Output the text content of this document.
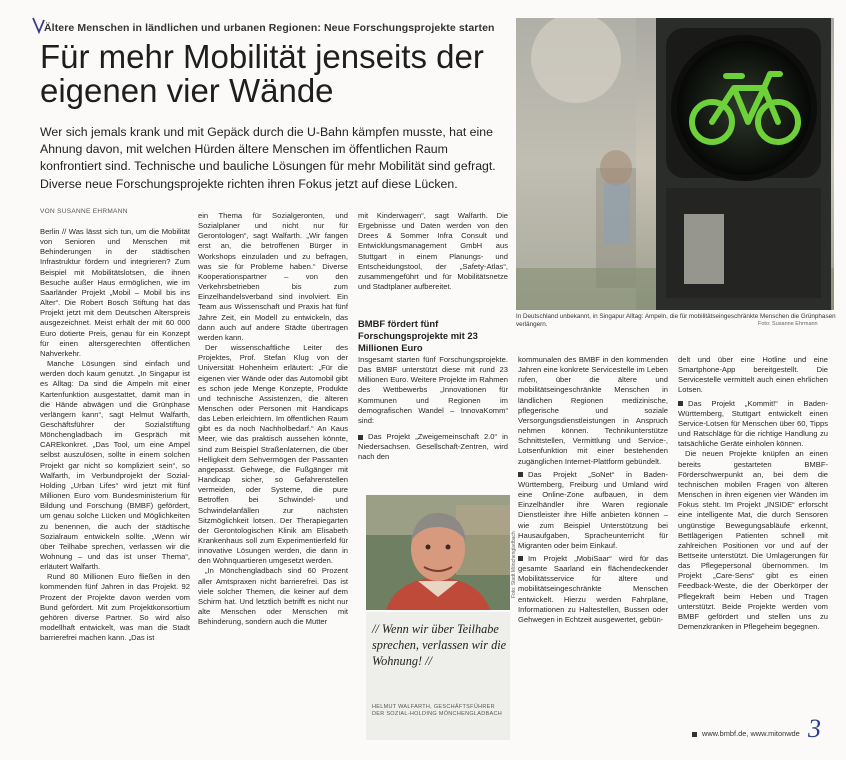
Ältere Menschen in ländlichen und urbanen Regionen: Neue Forschungsprojekte starten
Für mehr Mobilität jenseits der eigenen vier Wände
Wer sich jemals krank und mit Gepäck durch die U-Bahn kämpfen musste, hat eine Ahnung davon, mit welchen Hürden ältere Menschen im öffentlichen Raum konfrontiert sind. Technische und bauliche Lösungen für mehr Mobilität sind gefragt. Diverse neue Forschungsprojekte richten ihren Fokus jetzt auf diese Lücken.
VON SUSANNE EHRMANN

Berlin // Was lässt sich tun, um die Mobilität von Senioren und Menschen mit Behinderungen in der städtischen Infrastruktur fördern und integrieren? Zum Beispiel mit Mobilitätslotsen, die ihnen Besuche außer Haus ermöglichen, wie im Saarländer Projekt „Mobil – Mobil bis ins Alter“. Die Robert Bosch Stiftung hat das Projekt jetzt mit dem Deutschen Alterspreis ausgezeichnet. Meist erhält der mit 60 000 Euro dotierte Preis, genau für ein Konzept für einen altersgerechten öffentlichen Nahverkehr.

Manche Lösungen sind einfach und werden doch kaum genutzt. „In Singapur ist es Alltag: Da sind die Ampeln mit einer Kartenfunktion ausgestattet, damit man in die Hände abwägen und die Grünphase verlängern kann“, sagt Helmut Walfarth, Geschäftsführer der Sozialstiftung Mönchengladbach im Gespräch mit CAREkonkret. „Das Tool, um eine Ampel selbst auszulösen, sollte in einem solchen Projekt gar nicht so kompliziert sein“, so Walfarth, im Verbundprojekt der Sozial-Holding „Urban Lifes“ wird jetzt mit fünf Millionen Euro vom Bundesministerium für Bildung und Forschung (BMBF) gefördert, um genau solche Lücken und Möglichkeiten zu benennen, die auch der städtische Sozialraum entwickeln sollte. „Wenn wir über Teilhabe sprechen, verlassen wir die Wohnung – und das ist unser Thema“, erläutert Walfarth.

Rund 80 Millionen Euro fließen in den kommenden fünf Jahren in das Projekt. 92 Prozent der Projekte davon werden vom Bund gefördert. Mit zum Projektkonsortium gehören diverse Partner. So wird also modellhaft entwickelt, was man die Stadt barrierefrei machen kann. „Das ist

ein Thema für Sozialgeronten, und Sozialplaner und nicht nur für Gerontologen“, sagt Walfarth. „Wir fangen erst an, die betroffenen Bürger in Workshops einzuladen und zu befragen, was sie für Probleme haben.“ Diverse Kooperationspartner – von den Verkehrsbetrieben bis zum Einzelhandelsverband sind involviert. Ein Team aus Wissenschaft und Praxis hat fünf Jahre Zeit, ein Modell zu entwickeln, das dann auch auf andere Städte übertragen werden kann.

Der wissenschaftliche Leiter des Projektes, Prof. Stefan Klug von der Universität Hohenheim erläutert: „Für die eigenen vier Wände oder das Automobil gibt es schon jede Menge Konzepte, Produkte und technische Assistenzen, die älteren Menschen oder Personen mit Handicaps das Leben erleichtern. Im öffentlichen Raum gibt es da noch Nachholbedarf.“ An Kaus Meer, wie das praktisch aussehen könnte, sind zum Beispiel Straßenlaternen, die über Helligkeit dem Sehvermögen der Passanten angepasst. Gehwege, die Fußgänger mit Handicap sicher, so Gefahrenstellen vermeiden, oder Systeme, die pure Betroffen bei Schwindel- und Schwindelanfällen zur nächsten Sitzmöglichkeit lotsen. Der Therapiegarten der Gerontologischen Klinik am Elisabeth Krankenhaus soll zum Experimentierfeld für innovative Lösungen werden, die dann in den Wohnquartieren umgesetzt werden.

„In Mönchengladbach sind 60 Prozent aller Amtspraxen nicht barrierefrei. Das ist viele solcher Themen, die keiner auf dem Schirm hat. Und letztlich betrifft es nicht nur alte Menschen oder Menschen mit Behinderung, sondern auch die Mutter

mit Kinderwagen“, sagt Walfarth. Die Ergebnisse und Daten werden von den Drees & Sommer Infra Consult und Entwicklungsmanagement GmbH aus Stuttgart in einem Planungs- und Entscheidungstool, der „Safety-Atlas“, zusammengeführt und für Mobilitätsnetze und Stadtplaner aufbereitet.

BMBF fördert fünf Forschungsprojekte mit 23 Millionen Euro

Insgesamt starten fünf Forschungsprojekte. Das BMBF unterstützt diese mit rund 23 Millionen Euro. Weitere Projekte im Rahmen des Wettbewerbs „Innovationen für Kommunen und Regionen im demografischen Wandel – InnovaKomm“ sind:

Das Projekt „Zweigemeinschaft 2.0“ in Niedersachsen. Gesellschaft-Zentren, wird nach den

In Deutschland unbekannt, in Singapur Alltag: Ampeln, die für mobilitätseingeschränkte Menschen die Grünphasen verlängern.	Foto: Susanne Ehrmann
Foto: Stadt Mönchengladbach
// Wenn wir über Teilhabe sprechen, verlassen wir die Wohnung! //
HELMUT WALFARTH, GESCHÄFTSFÜHRER DER SOZIAL-HOLDING MÖNCHENGLADBACH

kommunalen des BMBF in den kommenden Jahren eine konkrete Servicestelle im Leben rufen, über die ältere und mobilitätseingeschränkte Menschen in ländlichen Regionen medizinische, pflegerische und soziale Versorgungsdienstleistungen in Anspruch nehmen können. Technikunterstütze Schnittstellen, Vermittlung und Service-, Lotsenfunktion mit einer bestehenden zugänglichen Internet-Plattform gebündelt.

Das Projekt „SoNet“ in Baden-Württemberg, Freiburg und Umland wird eine Online-Zone aufbauen, in dem Einzelhändler ihre Waren regionale Dienstleister ihre Hilfe anbieten können – wie zum Beispiel Unterstützung bei Hausaufgaben, Spracheunterricht für Migranten oder beim Einkauf.

Im Projekt „MobiSaar“ wird für das gesamte Saarland ein flächendeckender Mobilitätsservice für ältere und mobilitätseingeschränkte Menschen entwickelt. Hierzu werden Fahrpläne, Informationen zu Haltestellen, Bussen oder Gehwegen in Echtzeit ausgewertet, gebün-

delt und über eine Hotline und eine Smartphone-App bereitgestellt. Die Servicestelle vermittelt auch einen ehrlichen Lotsen.

Das Projekt „Kommit!“ in Baden-Württemberg, Stuttgart entwickelt einen Service-Lotsen für Menschen über 60, Tipps und Ratschläge für die richtige Handlung zu tatsächliche Geräte einholen können.

Die neuen Projekte knüpfen an einen bereits gestarteten BMBF-Förderschwerpunkt an, bei dem die technischen mobilen Fragen von älteren Menschen in ihren eigenen vier Wänden im Fokus steht. Im Projekt „INSIDE“ erforscht eine intelligente Mat, die durch Sensoren ungünstige Bewegungsabläufe erkennt, Bettlägerigen Patienten schnell mit zahlreichen Positionen vor und auf der Bettseite unterstützt. Die Umlagerungen für das Pflegepersonal übernommen. Im Projekt „Care-Sens“ gibt es einen Feedback-Weste, die der Oberkörper der Pflegekraft beim Heben und Tragen unterstützt. Beide Projekte werden vom BMBF gefördert und stellen uns zu Demenzkranken in Pflegeheim begegnen.

www.bmbf.de, www.mitonwde 3
